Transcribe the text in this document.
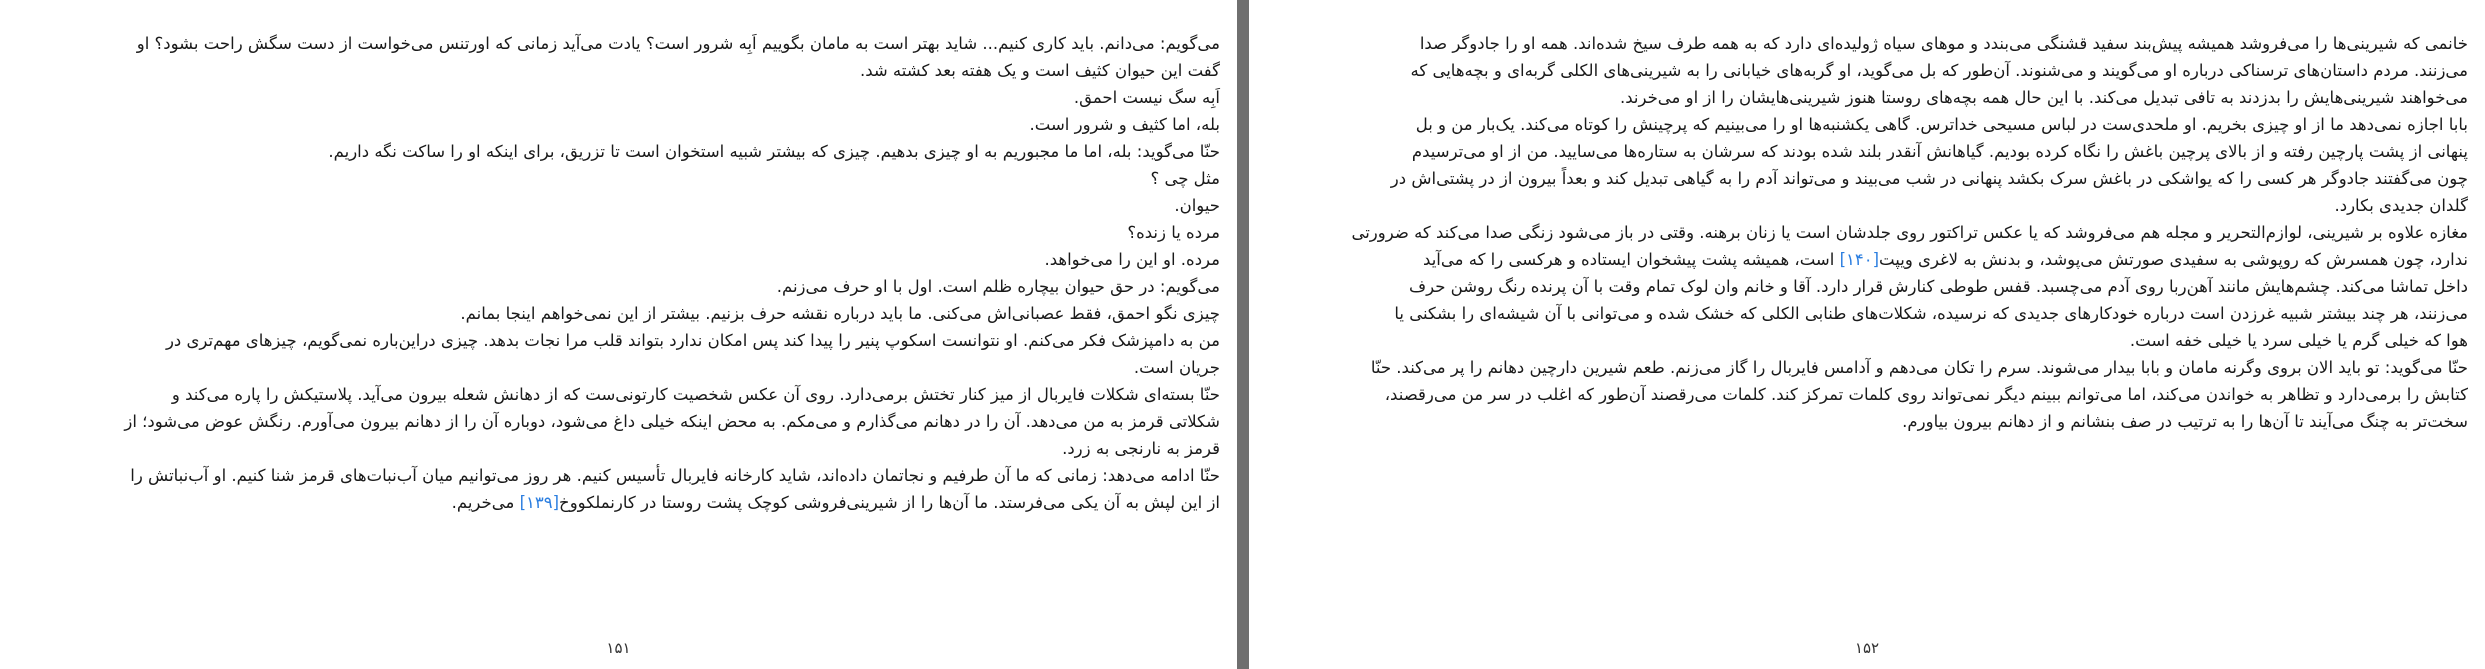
می‌گویم: می‌دانم. باید کاری کنیم... شاید بهتر است به مامان بگوییم اَبِه شرور است؟ یادت می‌آید زمانی که اورتنس می‌خواست از دست سگش راحت بشود؟ او

گفت این حیوان کثیف است و یک هفته بعد کشته شد.

اَبِه سگ نیست احمق.

بله، اما کثیف و شرور است.

حنّا می‌گوید: بله، اما ما مجبوریم به او چیزی بدهیم. چیزی که بیشتر شبیه استخوان است تا تزریق، برای اینکه او را ساکت نگه داریم.

مثل چی ؟

حیوان.

مرده یا زنده؟

مرده. او این را می‌خواهد.

می‌گویم: در حق حیوان بیچاره ظلم است. اول با او حرف می‌زنم.

چیزی نگو احمق، فقط عصبانی‌اش می‌کنی. ما باید درباره نقشه حرف بزنیم. بیشتر از این نمی‌خواهم اینجا بمانم.

من به دامپزشک فکر می‌کنم. او نتوانست اسکوپ پنیر را پیدا کند پس امکان ندارد بتواند قلب مرا نجات بدهد. چیزی دراین‌باره نمی‌گویم، چیزهای مهم‌تری در

جریان است.

حنّا بسته‌ای شکلات فایربال از میز کنار تختش برمی‌دارد. روی آن عکس شخصیت کارتونی‌ست که از دهانش شعله بیرون می‌آید. پلاستیکش را پاره می‌کند و

شکلاتی قرمز به من می‌دهد. آن را در دهانم می‌گذارم و می‌مکم. به محض اینکه خیلی داغ می‌شود، دوباره آن را از دهانم بیرون می‌آورم. رنگش عوض می‌شود؛ از

قرمز به نارنجی به زرد.

حنّا ادامه می‌دهد: زمانی که ما آن طرفیم و نجاتمان داده‌اند، شاید کارخانه فایربال تأسیس کنیم. هر روز می‌توانیم میان آب‌نبات‌های قرمز شنا کنیم. او آب‌نباتش را

از این لپش به آن یکی می‌فرستد. ما آن‌ها را از شیرینی‌فروشی کوچک پشت روستا در کارنملکووخ[۱۳۹] می‌خریم.

۱۵۱

خانمی که شیرینی‌ها را می‌فروشد همیشه پیش‌بند سفید قشنگی می‌بندد و موهای سیاه ژولیده‌ای دارد که به همه طرف سیخ شده‌اند. همه او را جادوگر صدا

می‌زنند. مردم داستان‌های ترسناکی درباره او می‌گویند و می‌شنوند. آن‌طور که بل می‌گوید، او گربه‌های خیابانی را به شیرینی‌های الکلی گربه‌ای و بچه‌هایی که

می‌خواهند شیرینی‌هایش را بدزدند به تافی تبدیل می‌کند. با این حال همه بچه‌های روستا هنوز شیرینی‌هایشان را از او می‌خرند.

بابا اجازه نمی‌دهد ما از او چیزی بخریم. او ملحدی‌ست در لباس مسیحی خداترس. گاهی یکشنبه‌ها او را می‌بینیم که پرچینش را کوتاه می‌کند. یک‌بار من و بل

پنهانی از پشت پارچین رفته و از بالای پرچین باغش را نگاه کرده بودیم. گیاهانش آنقدر بلند شده بودند که سرشان به ستاره‌ها می‌سایید. من از او می‌ترسیدم

چون می‌گفتند جادوگر هر کسی را که یواشکی در باغش سرک بکشد پنهانی در شب می‌بیند و می‌تواند آدم را به گیاهی تبدیل کند و بعداً بیرون از در پشتی‌اش در

گلدان جدیدی بکارد.

مغازه علاوه بر شیرینی، لوازم‌التحریر و مجله هم می‌فروشد که یا عکس تراکتور روی جلدشان است یا زنان برهنه. وقتی در باز می‌شود زنگی صدا می‌کند که ضرورتی

ندارد، چون همسرش که روپوشی به سفیدی صورتش می‌پوشد، و بدنش به لاغری ویپت[۱۴۰] است، همیشه پشت پیشخوان ایستاده و هرکسی را که می‌آید

داخل تماشا می‌کند. چشم‌هایش مانند آهن‌ربا روی آدم می‌چسبد. قفس طوطی کنارش قرار دارد. آقا و خانم وان لوک تمام وقت با آن پرنده رنگ روشن حرف

می‌زنند، هر چند بیشتر شبیه غرزدن است درباره خودکارهای جدیدی که نرسیده، شکلات‌های طنابی الکلی که خشک شده و می‌توانی با آن شیشه‌ای را بشکنی یا

هوا که خیلی گرم یا خیلی سرد یا خیلی خفه است.

حنّا می‌گوید: تو باید الان بروی وگرنه مامان و بابا بیدار می‌شوند. سرم را تکان می‌دهم و آدامس فایربال را گاز می‌زنم. طعم شیرین دارچین دهانم را پر می‌کند. حنّا

کتابش را برمی‌دارد و تظاهر به خواندن می‌کند، اما می‌توانم ببینم دیگر نمی‌تواند روی کلمات تمرکز کند. کلمات می‌رقصند آن‌طور که اغلب در سر من می‌رقصند،

سخت‌تر به چنگ می‌آیند تا آن‌ها را به ترتیب در صف بنشانم و از دهانم بیرون بیاورم.

۱۵۲
